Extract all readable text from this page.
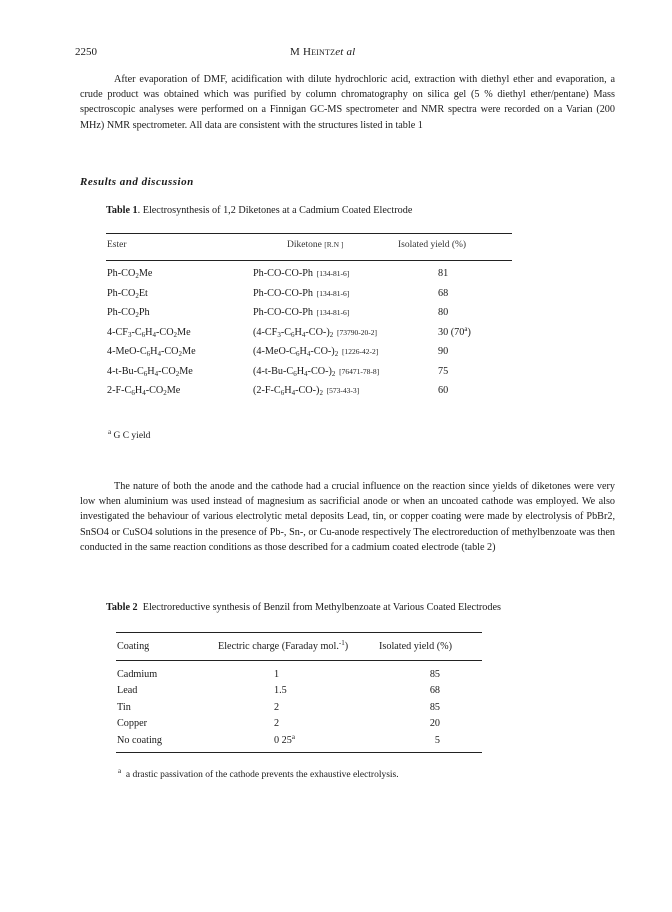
2250	M Heintzet al

After evaporation of DMF, acidification with dilute hydrochloric acid, extraction with diethyl ether and evaporation, a crude product was obtained which was purified by column chromatography on silica gel (5 % diethyl ether/pentane) Mass spectroscopic analyses were performed on a Finnigan GC-MS spectrometer and NMR spectra were recorded on a Varian (200 MHz) NMR spectrometer. All data are consistent with the structures listed in table 1

Results and discussion
Table 1. Electrosynthesis of 1,2 Diketones at a Cadmium Coated Electrode
Ester	Diketone [R.N ]	Isolated yield (%)
$Ph-CO_2Me$	Ph-CO-CO-Ph  [134-81-6]	81
$Ph-CO_2Et$	Ph-CO-CO-Ph  [134-81-6]	68
$Ph-CO_2Ph$	Ph-CO-CO-Ph  [134-81-6]	80
$4-CF_3-C_6H_4-CO_2Me$	$(4-CF_3-C_6H_4-CO-)_2$  [73790-20-2]	30 (70$^a$)
$4-MeO-C_6H_4-CO_2Me$	$(4-MeO-C_6H_4-CO-)_2$  [1226-42-2]	90
$4-t-Bu-C_6H_4-CO_2Me$	$(4-t-Bu-C_6H_4-CO-)_2$  [76471-78-8]	75
$2-F-C_6H_4-CO_2Me$	$(2-F-C_6H_4-CO-)_2$  [573-43-3]	60
$^a$ G C yield

The nature of both the anode and the cathode had a crucial influence on the reaction since yields of diketones were very low when aluminium was used instead of magnesium as sacrificial anode or when an uncoated cathode was employed. We also investigated the behaviour of various electrolytic metal deposits Lead, tin, or copper coating were made by electrolysis of PbBr2, SnSO4 or CuSO4 solutions in the presence of Pb-, Sn-, or Cu-anode respectively The electroreduction of methylbenzoate was then conducted in the same reaction conditions as those described for a cadmium coated electrode (table 2)

Table 2 Electroreductive synthesis of Benzil from Methylbenzoate at Various Coated Electrodes
Coating	Electric charge (Faraday mol.$^{-1}$)	Isolated yield (%)
Cadmium	1	85
Lead	1.5	68
Tin	2	85
Copper	2	20
No coating	0 25$^a$	5
$^a$ a drastic passivation of the cathode prevents the exhaustive electrolysis.
